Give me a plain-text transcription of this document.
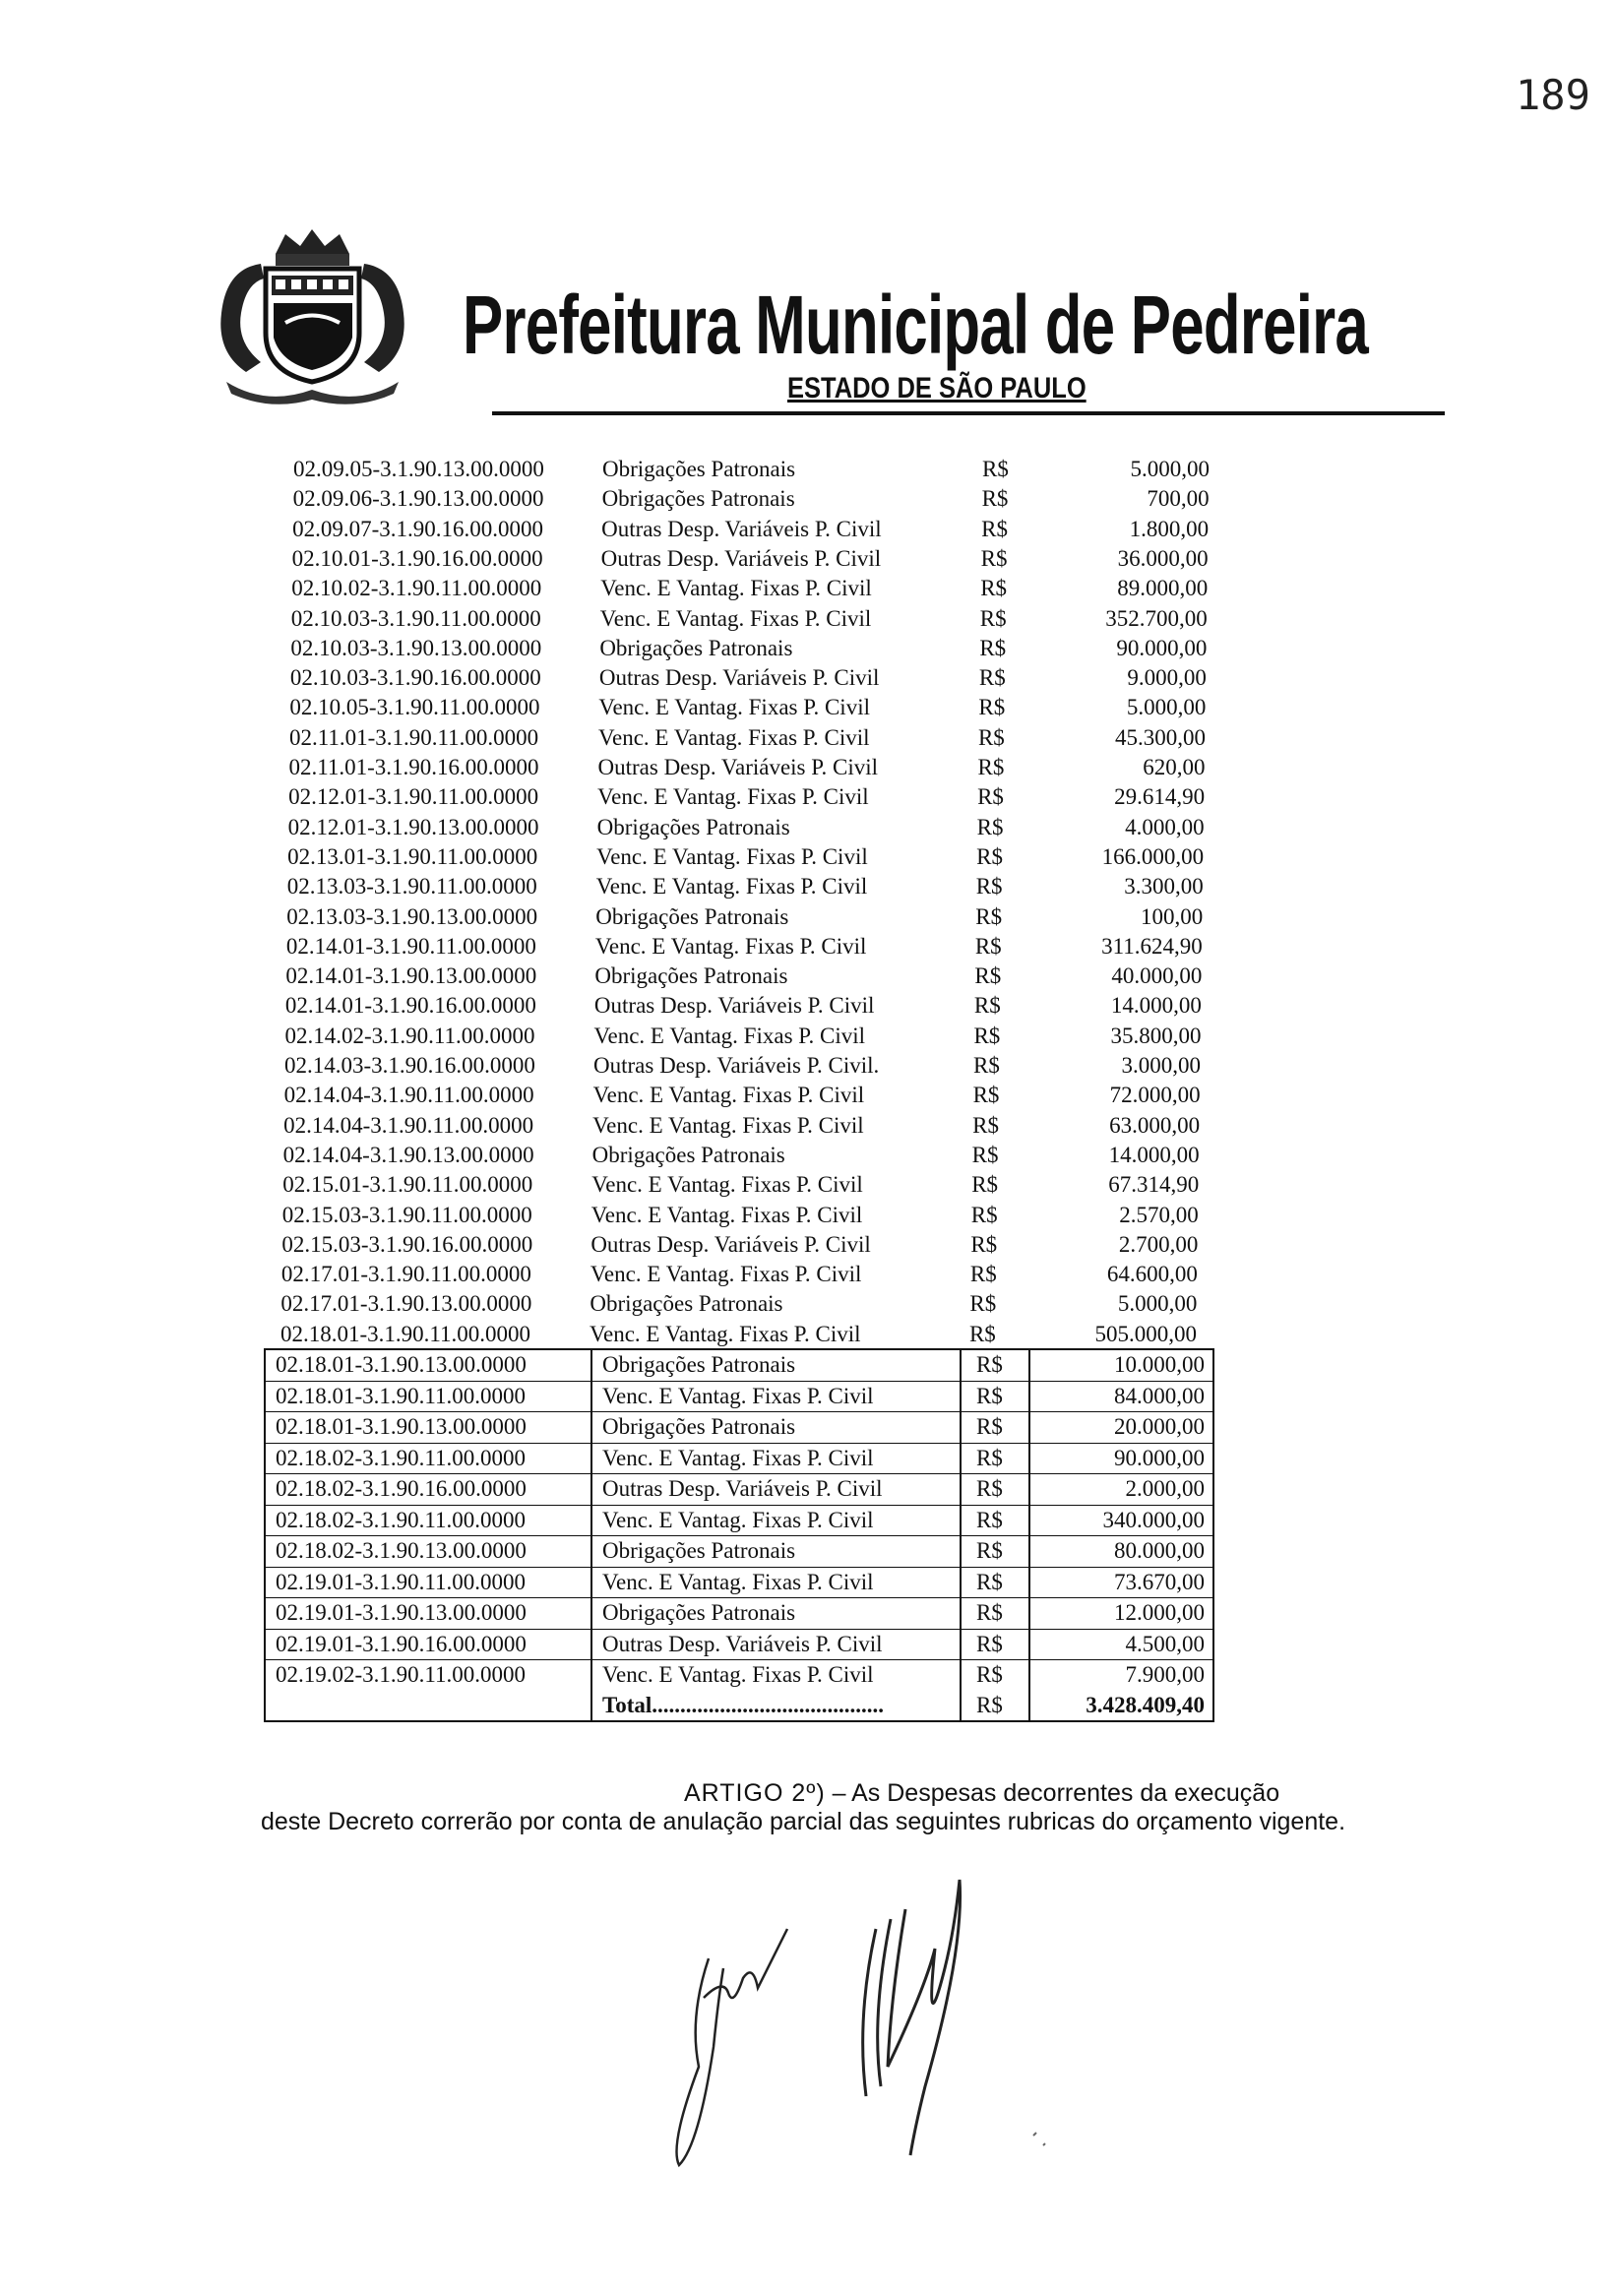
189
Prefeitura Municipal de Pedreira
ESTADO DE SÃO PAULO
02.09.05-3.1.90.13.00.0000	Obrigações Patronais	R$	5.000,00
02.09.06-3.1.90.13.00.0000	Obrigações Patronais	R$	700,00
02.09.07-3.1.90.16.00.0000	Outras Desp. Variáveis P. Civil	R$	1.800,00
02.10.01-3.1.90.16.00.0000	Outras Desp. Variáveis P. Civil	R$	36.000,00
02.10.02-3.1.90.11.00.0000	Venc. E Vantag. Fixas P. Civil	R$	89.000,00
02.10.03-3.1.90.11.00.0000	Venc. E Vantag. Fixas P. Civil	R$	352.700,00
02.10.03-3.1.90.13.00.0000	Obrigações Patronais	R$	90.000,00
02.10.03-3.1.90.16.00.0000	Outras Desp. Variáveis P. Civil	R$	9.000,00
02.10.05-3.1.90.11.00.0000	Venc. E Vantag. Fixas P. Civil	R$	5.000,00
02.11.01-3.1.90.11.00.0000	Venc. E Vantag. Fixas P. Civil	R$	45.300,00
02.11.01-3.1.90.16.00.0000	Outras Desp. Variáveis P. Civil	R$	620,00
02.12.01-3.1.90.11.00.0000	Venc. E Vantag. Fixas P. Civil	R$	29.614,90
02.12.01-3.1.90.13.00.0000	Obrigações Patronais	R$	4.000,00
02.13.01-3.1.90.11.00.0000	Venc. E Vantag. Fixas P. Civil	R$	166.000,00
02.13.03-3.1.90.11.00.0000	Venc. E Vantag. Fixas P. Civil	R$	3.300,00
02.13.03-3.1.90.13.00.0000	Obrigações Patronais	R$	100,00
02.14.01-3.1.90.11.00.0000	Venc. E Vantag. Fixas P. Civil	R$	311.624,90
02.14.01-3.1.90.13.00.0000	Obrigações Patronais	R$	40.000,00
02.14.01-3.1.90.16.00.0000	Outras Desp. Variáveis P. Civil	R$	14.000,00
02.14.02-3.1.90.11.00.0000	Venc. E Vantag. Fixas P. Civil	R$	35.800,00
02.14.03-3.1.90.16.00.0000	Outras Desp. Variáveis P. Civil.	R$	3.000,00
02.14.04-3.1.90.11.00.0000	Venc. E Vantag. Fixas P. Civil	R$	72.000,00
02.14.04-3.1.90.11.00.0000	Venc. E Vantag. Fixas P. Civil	R$	63.000,00
02.14.04-3.1.90.13.00.0000	Obrigações Patronais	R$	14.000,00
02.15.01-3.1.90.11.00.0000	Venc. E Vantag. Fixas P. Civil	R$	67.314,90
02.15.03-3.1.90.11.00.0000	Venc. E Vantag. Fixas P. Civil	R$	2.570,00
02.15.03-3.1.90.16.00.0000	Outras Desp. Variáveis P. Civil	R$	2.700,00
02.17.01-3.1.90.11.00.0000	Venc. E Vantag. Fixas P. Civil	R$	64.600,00
02.17.01-3.1.90.13.00.0000	Obrigações Patronais	R$	5.000,00
02.18.01-3.1.90.11.00.0000	Venc. E Vantag. Fixas P. Civil	R$	505.000,00
02.18.01-3.1.90.13.00.0000	Obrigações Patronais	R$	10.000,00
02.18.01-3.1.90.11.00.0000	Venc. E Vantag. Fixas P. Civil	R$	84.000,00
02.18.01-3.1.90.13.00.0000	Obrigações Patronais	R$	20.000,00
02.18.02-3.1.90.11.00.0000	Venc. E Vantag. Fixas P. Civil	R$	90.000,00
02.18.02-3.1.90.16.00.0000	Outras Desp. Variáveis P. Civil	R$	2.000,00
02.18.02-3.1.90.11.00.0000	Venc. E Vantag. Fixas P. Civil	R$	340.000,00
02.18.02-3.1.90.13.00.0000	Obrigações Patronais	R$	80.000,00
02.19.01-3.1.90.11.00.0000	Venc. E Vantag. Fixas P. Civil	R$	73.670,00
02.19.01-3.1.90.13.00.0000	Obrigações Patronais	R$	12.000,00
02.19.01-3.1.90.16.00.0000	Outras Desp. Variáveis P. Civil	R$	4.500,00
02.19.02-3.1.90.11.00.0000	Venc. E Vantag. Fixas P. Civil	R$	7.900,00
Total.........................................	R$	3.428.409,40
ARTIGO 2º) – As Despesas decorrentes da execução
deste Decreto correrão por conta de anulação parcial das seguintes rubricas do orçamento vigente.
